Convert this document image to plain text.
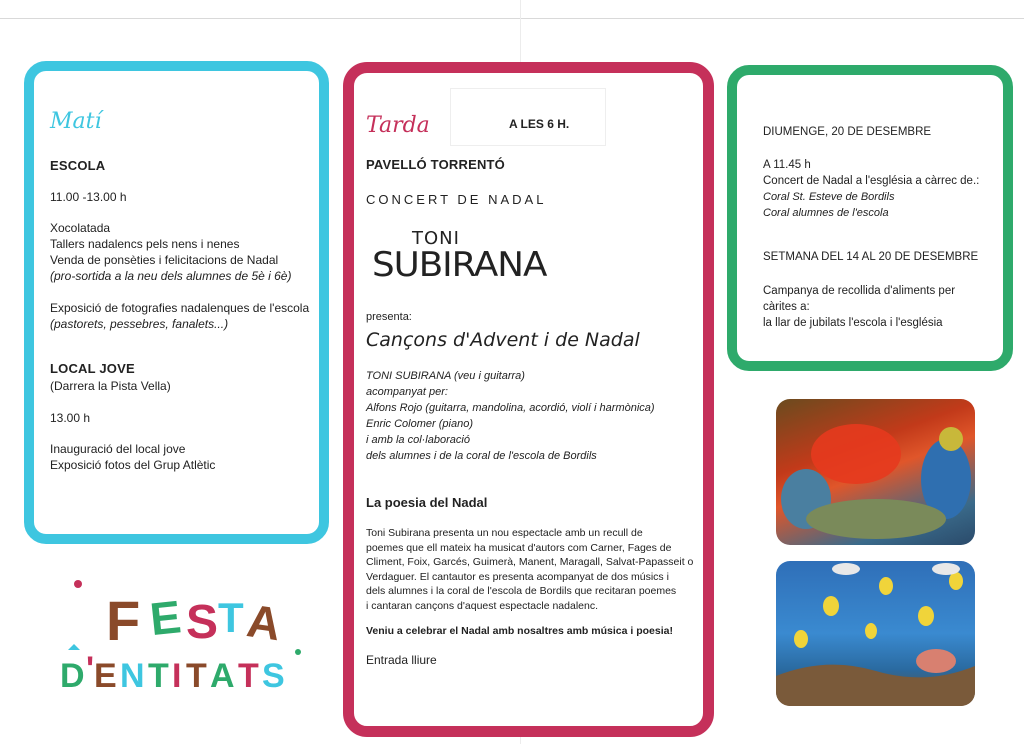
Matí
ESCOLA
11.00 -13.00 h
Xocolatada
Tallers nadalencs pels nens i nenes
Venda de ponsèties i felicitacions de Nadal
(pro-sortida a la neu dels alumnes de 5è i 6è)
Exposició de fotografies nadalenques de l'escola
(pastorets, pessebres, fanalets...)
LOCAL JOVE
(Darrera la Pista Vella)
13.00 h
Inauguració del local jove
Exposició fotos del Grup Atlètic
F E S T A
D ' E N T I T A T S
Tarda	A LES 6 H.
PAVELLÓ TORRENTÓ
CONCERT DE NADAL
TONI
SUBIRANA
presenta:
Cançons d'Advent i de Nadal
TONI SUBIRANA (veu i guitarra)
acompanyat per:
Alfons Rojo (guitarra, mandolina, acordió, violí i harmònica)
Enric Colomer (piano)
i amb la col·laboració
dels alumnes i de la coral de l'escola de Bordils
La poesia del Nadal
Toni Subirana presenta un nou espectacle amb un recull de
poemes que ell mateix ha musicat d'autors com Carner, Fages de
Climent, Foix, Garcés, Guimerà, Manent, Maragall, Salvat-Papasseit o
Verdaguer. El cantautor es presenta acompanyat de dos músics i
dels alumnes i la coral de l'escola de Bordils que recitaran poemes
i cantaran cançons d'aquest espectacle nadalenc.
Veniu a celebrar el Nadal amb nosaltres amb música i poesia!
Entrada lliure
DIUMENGE, 20 DE DESEMBRE
A 11.45 h
Concert de Nadal a l'església a càrrec de.:
Coral St. Esteve de Bordils
Coral alumnes de l'escola
SETMANA DEL 14 AL 20 DE DESEMBRE
Campanya de recollida d'aliments per
càrites a:
la llar de jubilats l'escola i l'església
